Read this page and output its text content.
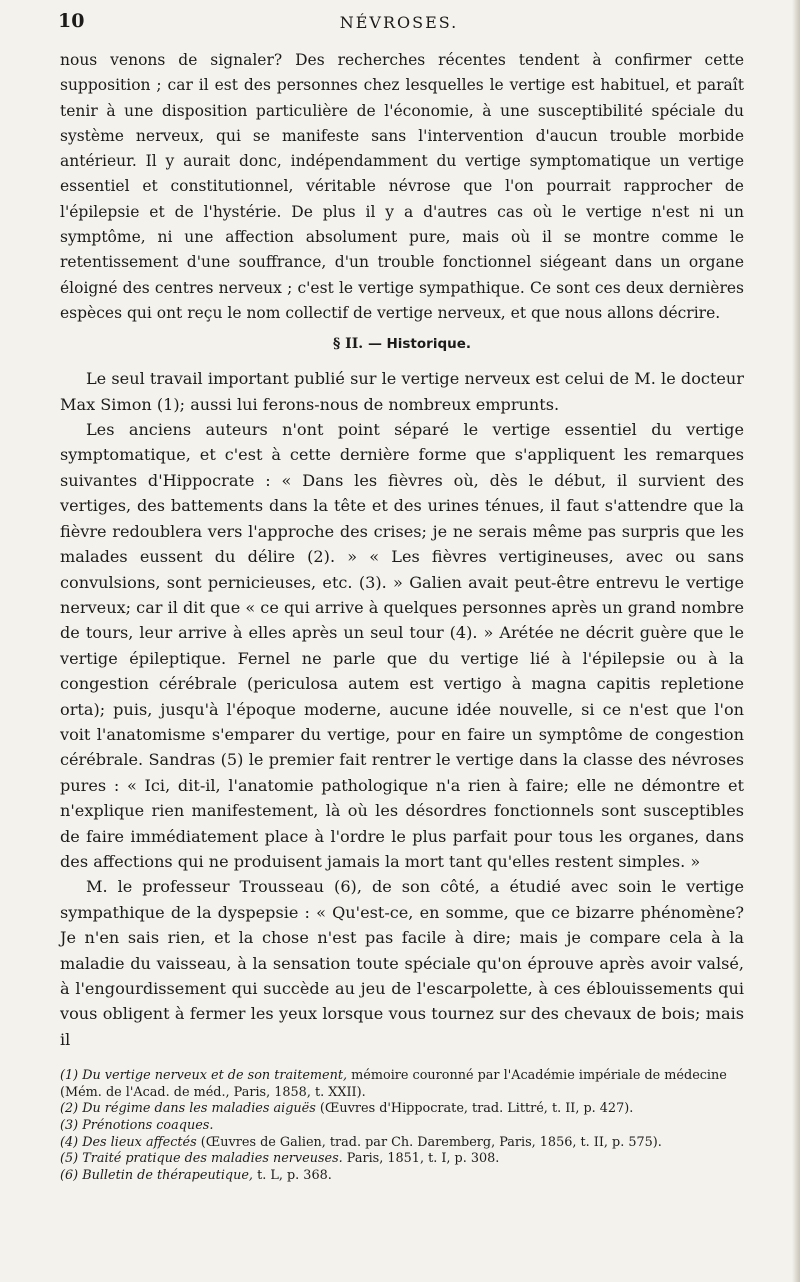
10	NÉVROSES.

nous venons de signaler? Des recherches récentes tendent à confirmer cette supposition ; car il est des personnes chez lesquelles le vertige est habituel, et paraît tenir à une disposition particulière de l'économie, à une susceptibilité spéciale du système nerveux, qui se manifeste sans l'intervention d'aucun trouble morbide antérieur. Il y aurait donc, indépendamment du vertige symptomatique un vertige essentiel et constitutionnel, véritable névrose que l'on pourrait rapprocher de l'épilepsie et de l'hystérie. De plus il y a d'autres cas où le vertige n'est ni un symptôme, ni une affection absolument pure, mais où il se montre comme le retentissement d'une souffrance, d'un trouble fonctionnel siégeant dans un organe éloigné des centres nerveux ; c'est le vertige sympathique. Ce sont ces deux dernières espèces qui ont reçu le nom collectif de vertige nerveux, et que nous allons décrire.

§ II. — Historique.

Le seul travail important publié sur le vertige nerveux est celui de M. le docteur Max Simon (1); aussi lui ferons-nous de nombreux emprunts.

Les anciens auteurs n'ont point séparé le vertige essentiel du vertige symptomatique, et c'est à cette dernière forme que s'appliquent les remarques suivantes d'Hippocrate : « Dans les fièvres où, dès le début, il survient des vertiges, des battements dans la tête et des urines ténues, il faut s'attendre que la fièvre redoublera vers l'approche des crises; je ne serais même pas surpris que les malades eussent du délire (2). » « Les fièvres vertigineuses, avec ou sans convulsions, sont pernicieuses, etc. (3). » Galien avait peut-être entrevu le vertige nerveux; car il dit que « ce qui arrive à quelques personnes après un grand nombre de tours, leur arrive à elles après un seul tour (4). » Arétée ne décrit guère que le vertige épileptique. Fernel ne parle que du vertige lié à l'épilepsie ou à la congestion cérébrale (periculosa autem est vertigo à magna capitis repletione orta); puis, jusqu'à l'époque moderne, aucune idée nouvelle, si ce n'est que l'on voit l'anatomisme s'emparer du vertige, pour en faire un symptôme de congestion cérébrale. Sandras (5) le premier fait rentrer le vertige dans la classe des névroses pures : « Ici, dit-il, l'anatomie pathologique n'a rien à faire; elle ne démontre et n'explique rien manifestement, là où les désordres fonctionnels sont susceptibles de faire immédiatement place à l'ordre le plus parfait pour tous les organes, dans des affections qui ne produisent jamais la mort tant qu'elles restent simples. »

M. le professeur Trousseau (6), de son côté, a étudié avec soin le vertige sympathique de la dyspepsie : « Qu'est-ce, en somme, que ce bizarre phénomène? Je n'en sais rien, et la chose n'est pas facile à dire; mais je compare cela à la maladie du vaisseau, à la sensation toute spéciale qu'on éprouve après avoir valsé, à l'engourdissement qui succède au jeu de l'escarpolette, à ces éblouissements qui vous obligent à fermer les yeux lorsque vous tournez sur des chevaux de bois; mais il

(1) Du vertige nerveux et de son traitement, mémoire couronné par l'Académie impériale de médecine (Mém. de l'Acad. de méd., Paris, 1858, t. XXII).

(2) Du régime dans les maladies aiguës (Œuvres d'Hippocrate, trad. Littré, t. II, p. 427).

(3) Prénotions coaques.

(4) Des lieux affectés (Œuvres de Galien, trad. par Ch. Daremberg, Paris, 1856, t. II, p. 575).

(5) Traité pratique des maladies nerveuses. Paris, 1851, t. I, p. 308.

(6) Bulletin de thérapeutique, t. L, p. 368.
